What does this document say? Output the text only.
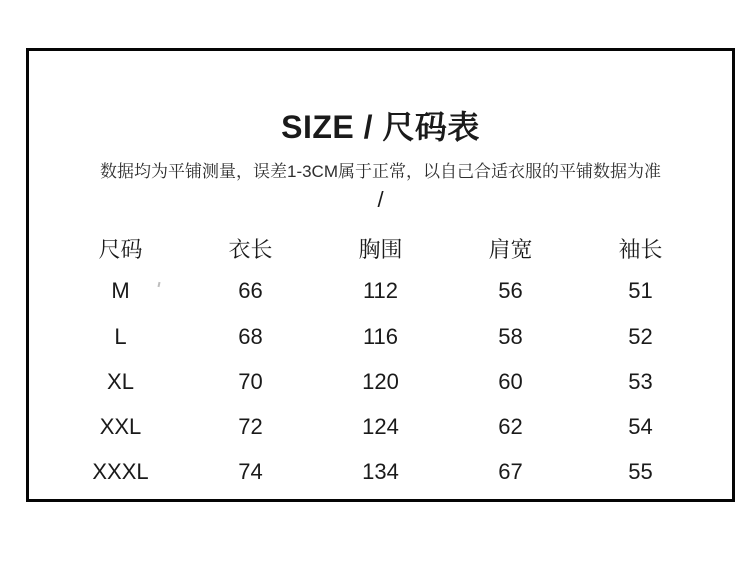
SIZE / 尺码表

数据均为平铺测量，误差1-3CM属于正常，以自己合适衣服的平铺数据为准

/
尺码	衣长	胸围	肩宽	袖长
M	66	112	56	51
L	68	116	58	52
XL	70	120	60	53
XXL	72	124	62	54
XXXL	74	134	67	55
